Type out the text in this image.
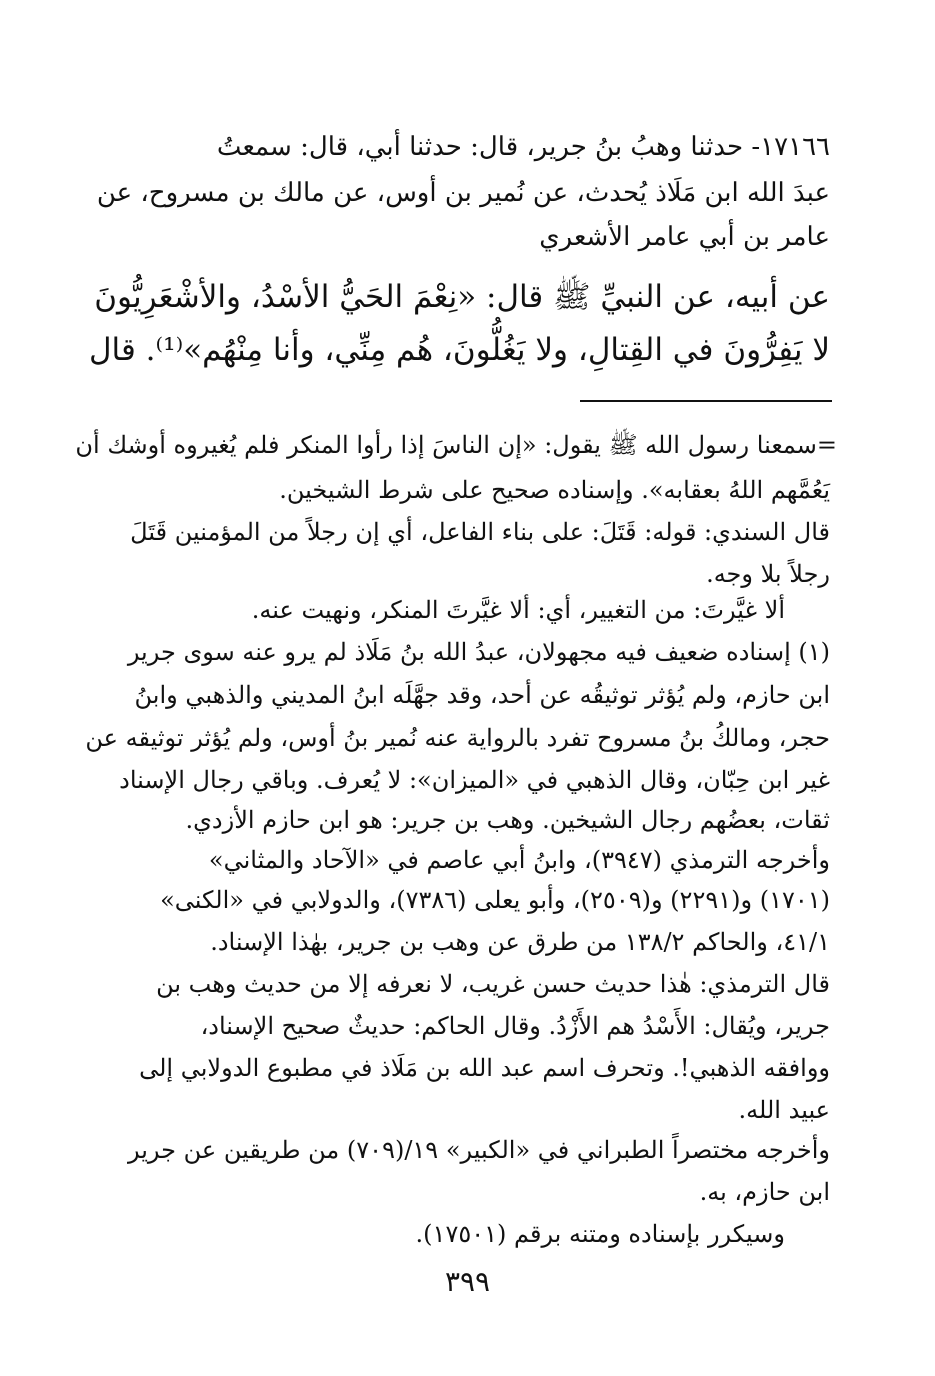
١٧١٦٦- حدثنا وهبُ بنُ جرير، قال: حدثنا أبي، قال: سمعتُ
عبدَ الله ابن مَلَاذ يُحدث، عن نُمير بن أوس، عن مالك بن مسروح، عن
عامر بن أبي عامر الأشعري
عن أبيه، عن النبيِّ ﷺ قال: «نِعْمَ الحَيُّ الأسْدُ، والأشْعَرِيُّونَ
لا يَفِرُّونَ في القِتالِ، ولا يَغُلُّونَ، هُم مِنِّي، وأنا مِنْهُم»⁽¹⁾. قال
=سمعنا رسول الله ﷺ يقول: «إن الناسَ إذا رأوا المنكر فلم يُغيروه أوشك أن
يَعُمَّهم اللهُ بعقابه». وإسناده صحيح على شرط الشيخين.
قال السندي: قوله: قَتَلَ: على بناء الفاعل، أي إن رجلاً من المؤمنين قَتَلَ
رجلاً بلا وجه.
ألا غيَّرتَ: من التغيير، أي: ألا غيَّرتَ المنكر، ونهيت عنه.
(١) إسناده ضعيف فيه مجهولان، عبدُ الله بنُ مَلَاذ لم يرو عنه سوى جرير
ابن حازم، ولم يُؤثر توثيقُه عن أحد، وقد جهَّلَه ابنُ المديني والذهبي وابنُ
حجر، ومالكُ بنُ مسروح تفرد بالرواية عنه نُمير بنُ أوس، ولم يُؤثر توثيقه عن
غير ابن حِبّان، وقال الذهبي في «الميزان»: لا يُعرف. وباقي رجال الإسناد
ثقات، بعضُهم رجال الشيخين. وهب بن جرير: هو ابن حازم الأزدي.
وأخرجه الترمذي (٣٩٤٧)، وابنُ أبي عاصم في «الآحاد والمثاني»
(١٧٠١) و(٢٢٩١) و(٢٥٠٩)، وأبو يعلى (٧٣٨٦)، والدولابي في «الكنى»
٤١/١، والحاكم ١٣٨/٢ من طرق عن وهب بن جرير، بهٰذا الإسناد.
قال الترمذي: هٰذا حديث حسن غريب، لا نعرفه إلا من حديث وهب بن
جرير، ويُقال: الأَسْدُ هم الأَزْدُ. وقال الحاكم: حديثٌ صحيح الإسناد،
ووافقه الذهبي!. وتحرف اسم عبد الله بن مَلَاذ في مطبوع الدولابي إلى
عبيد الله.
وأخرجه مختصراً الطبراني في «الكبير» ١٩/(٧٠٩) من طريقين عن جرير
ابن حازم، به.
وسيكرر بإسناده ومتنه برقم (١٧٥٠١).
٣٩٩
